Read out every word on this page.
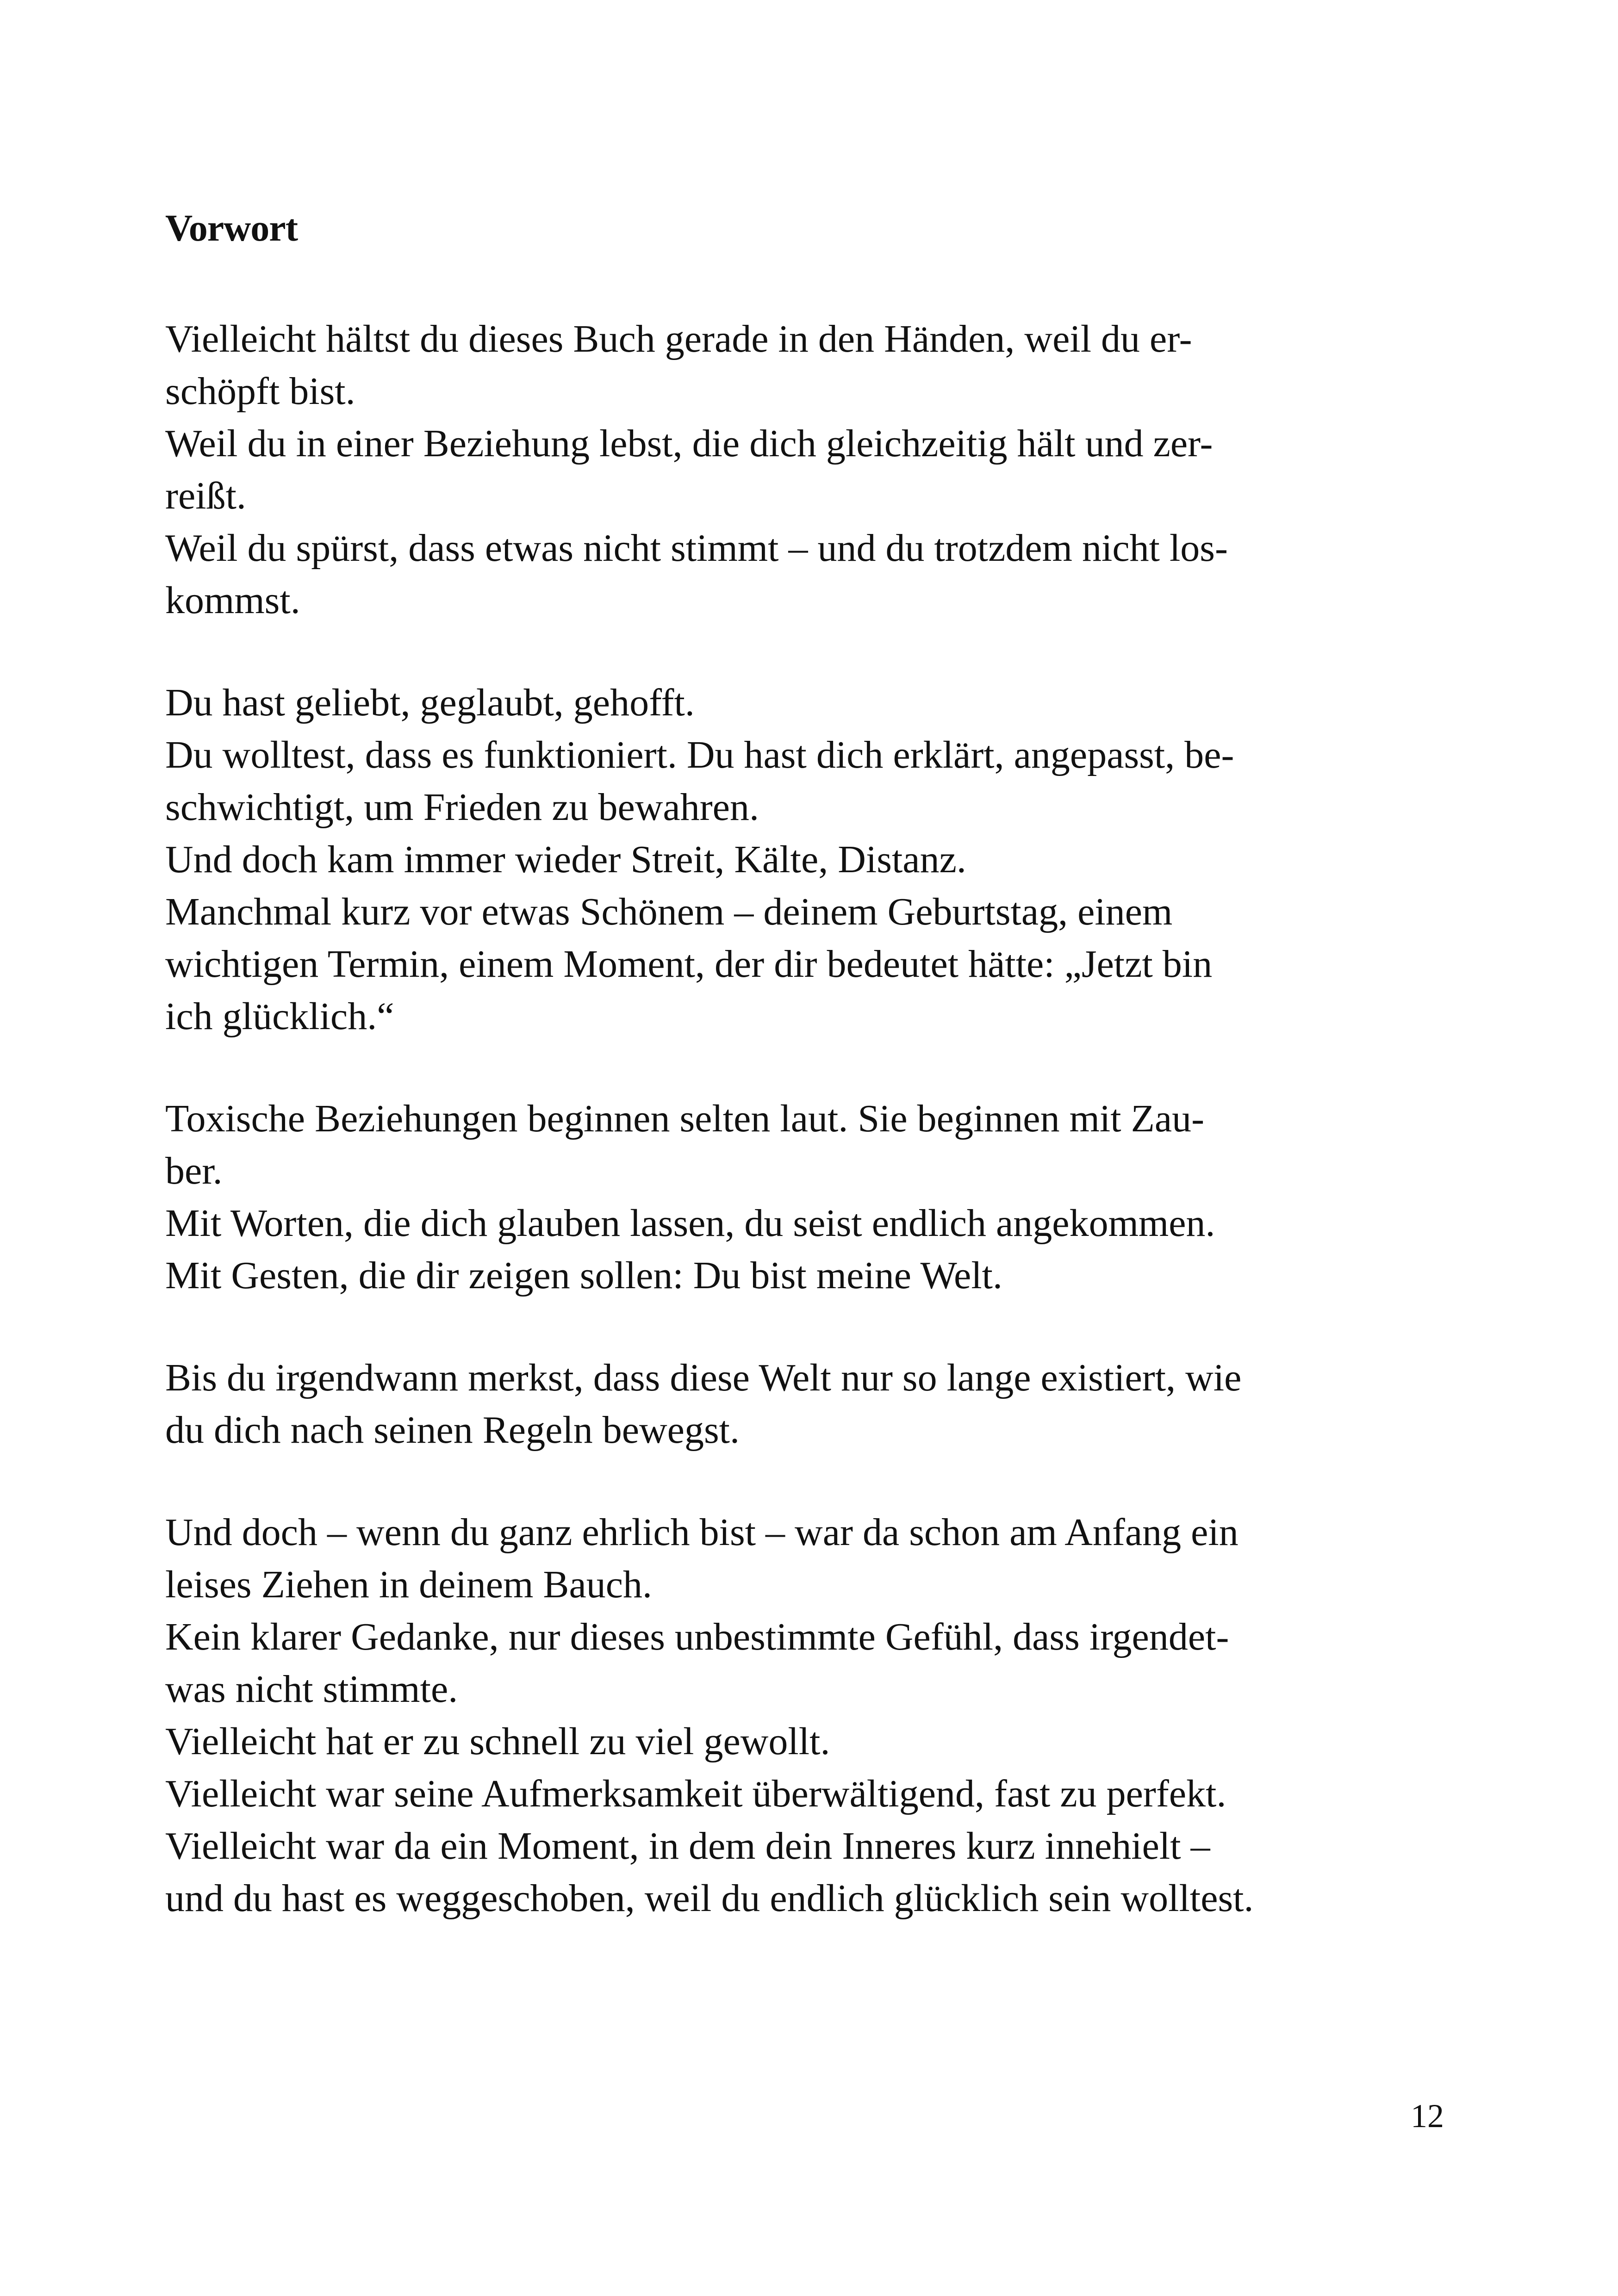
Vorwort
Vielleicht hältst du dieses Buch gerade in den Händen, weil du er-
schöpft bist.
Weil du in einer Beziehung lebst, die dich gleichzeitig hält und zer-
reißt.
Weil du spürst, dass etwas nicht stimmt – und du trotzdem nicht los-
kommst.
Du hast geliebt, geglaubt, gehofft.
Du wolltest, dass es funktioniert. Du hast dich erklärt, angepasst, be-
schwichtigt, um Frieden zu bewahren.
Und doch kam immer wieder Streit, Kälte, Distanz.
Manchmal kurz vor etwas Schönem – deinem Geburtstag, einem
wichtigen Termin, einem Moment, der dir bedeutet hätte: „Jetzt bin
ich glücklich.“
Toxische Beziehungen beginnen selten laut. Sie beginnen mit Zau-
ber.
Mit Worten, die dich glauben lassen, du seist endlich angekommen.
Mit Gesten, die dir zeigen sollen: Du bist meine Welt.
Bis du irgendwann merkst, dass diese Welt nur so lange existiert, wie
du dich nach seinen Regeln bewegst.
Und doch – wenn du ganz ehrlich bist – war da schon am Anfang ein
leises Ziehen in deinem Bauch.
Kein klarer Gedanke, nur dieses unbestimmte Gefühl, dass irgendet-
was nicht stimmte.
Vielleicht hat er zu schnell zu viel gewollt.
Vielleicht war seine Aufmerksamkeit überwältigend, fast zu perfekt.
Vielleicht war da ein Moment, in dem dein Inneres kurz innehielt –
und du hast es weggeschoben, weil du endlich glücklich sein wolltest.
12
